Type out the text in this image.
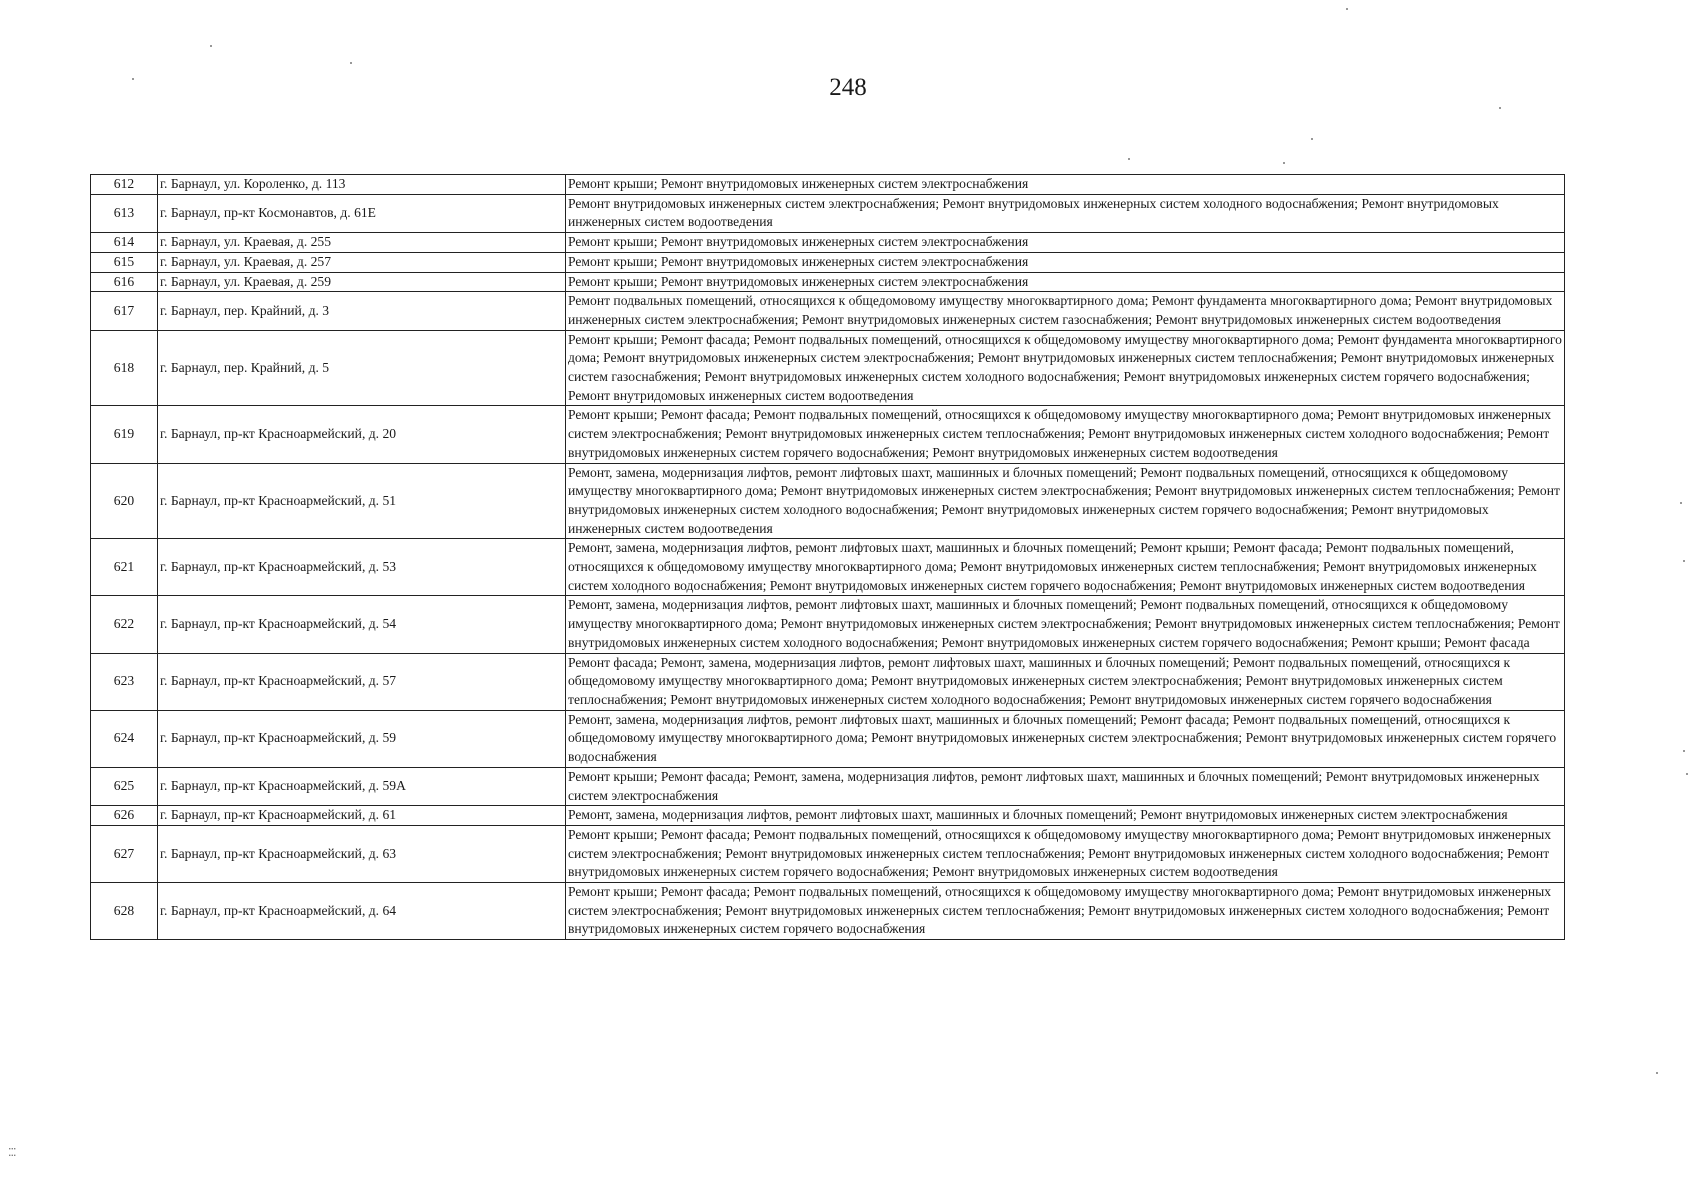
248
612	г. Барнаул, ул. Короленко, д. 113	Ремонт крыши; Ремонт внутридомовых инженерных систем электроснабжения
613	г. Барнаул, пр-кт Космонавтов, д. 61Е	Ремонт внутридомовых инженерных систем электроснабжения; Ремонт внутридомовых инженерных систем холодного водоснабжения; Ремонт внутридомовых инженерных систем водоотведения
614	г. Барнаул, ул. Краевая, д. 255	Ремонт крыши; Ремонт внутридомовых инженерных систем электроснабжения
615	г. Барнаул, ул. Краевая, д. 257	Ремонт крыши; Ремонт внутридомовых инженерных систем электроснабжения
616	г. Барнаул, ул. Краевая, д. 259	Ремонт крыши; Ремонт внутридомовых инженерных систем электроснабжения
617	г. Барнаул, пер. Крайний, д. 3	Ремонт подвальных помещений, относящихся к общедомовому имуществу многоквартирного дома; Ремонт фундамента многоквартирного дома; Ремонт внутридомовых инженерных систем электроснабжения; Ремонт внутридомовых инженерных систем газоснабжения; Ремонт внутридомовых инженерных систем водоотведения
618	г. Барнаул, пер. Крайний, д. 5	Ремонт крыши; Ремонт фасада; Ремонт подвальных помещений, относящихся к общедомовому имуществу многоквартирного дома; Ремонт фундамента многоквартирного дома; Ремонт внутридомовых инженерных систем электроснабжения; Ремонт внутридомовых инженерных систем теплоснабжения; Ремонт внутридомовых инженерных систем газоснабжения; Ремонт внутридомовых инженерных систем холодного водоснабжения; Ремонт внутридомовых инженерных систем горячего водоснабжения; Ремонт внутридомовых инженерных систем водоотведения
619	г. Барнаул, пр-кт Красноармейский, д. 20	Ремонт крыши; Ремонт фасада; Ремонт подвальных помещений, относящихся к общедомовому имуществу многоквартирного дома; Ремонт внутридомовых инженерных систем электроснабжения; Ремонт внутридомовых инженерных систем теплоснабжения; Ремонт внутридомовых инженерных систем холодного водоснабжения; Ремонт внутридомовых инженерных систем горячего водоснабжения; Ремонт внутридомовых инженерных систем водоотведения
620	г. Барнаул, пр-кт Красноармейский, д. 51	Ремонт, замена, модернизация лифтов, ремонт лифтовых шахт, машинных и блочных помещений; Ремонт подвальных помещений, относящихся к общедомовому имуществу многоквартирного дома; Ремонт внутридомовых инженерных систем электроснабжения; Ремонт внутридомовых инженерных систем теплоснабжения; Ремонт внутридомовых инженерных систем холодного водоснабжения; Ремонт внутридомовых инженерных систем горячего водоснабжения; Ремонт внутридомовых инженерных систем водоотведения
621	г. Барнаул, пр-кт Красноармейский, д. 53	Ремонт, замена, модернизация лифтов, ремонт лифтовых шахт, машинных и блочных помещений; Ремонт крыши; Ремонт фасада; Ремонт подвальных помещений, относящихся к общедомовому имуществу многоквартирного дома; Ремонт внутридомовых инженерных систем теплоснабжения; Ремонт внутридомовых инженерных систем холодного водоснабжения; Ремонт внутридомовых инженерных систем горячего водоснабжения; Ремонт внутридомовых инженерных систем водоотведения
622	г. Барнаул, пр-кт Красноармейский, д. 54	Ремонт, замена, модернизация лифтов, ремонт лифтовых шахт, машинных и блочных помещений; Ремонт подвальных помещений, относящихся к общедомовому имуществу многоквартирного дома; Ремонт внутридомовых инженерных систем электроснабжения; Ремонт внутридомовых инженерных систем теплоснабжения; Ремонт внутридомовых инженерных систем холодного водоснабжения; Ремонт внутридомовых инженерных систем горячего водоснабжения; Ремонт крыши; Ремонт фасада
623	г. Барнаул, пр-кт Красноармейский, д. 57	Ремонт фасада; Ремонт, замена, модернизация лифтов, ремонт лифтовых шахт, машинных и блочных помещений; Ремонт подвальных помещений, относящихся к общедомовому имуществу многоквартирного дома; Ремонт внутридомовых инженерных систем электроснабжения; Ремонт внутридомовых инженерных систем теплоснабжения; Ремонт внутридомовых инженерных систем холодного водоснабжения; Ремонт внутридомовых инженерных систем горячего водоснабжения
624	г. Барнаул, пр-кт Красноармейский, д. 59	Ремонт, замена, модернизация лифтов, ремонт лифтовых шахт, машинных и блочных помещений; Ремонт фасада; Ремонт подвальных помещений, относящихся к общедомовому имуществу многоквартирного дома; Ремонт внутридомовых инженерных систем электроснабжения; Ремонт внутридомовых инженерных систем горячего водоснабжения
625	г. Барнаул, пр-кт Красноармейский, д. 59А	Ремонт крыши; Ремонт фасада; Ремонт, замена, модернизация лифтов, ремонт лифтовых шахт, машинных и блочных помещений; Ремонт внутридомовых инженерных систем электроснабжения
626	г. Барнаул, пр-кт Красноармейский, д. 61	Ремонт, замена, модернизация лифтов, ремонт лифтовых шахт, машинных и блочных помещений; Ремонт внутридомовых инженерных систем электроснабжения
627	г. Барнаул, пр-кт Красноармейский, д. 63	Ремонт крыши; Ремонт фасада; Ремонт подвальных помещений, относящихся к общедомовому имуществу многоквартирного дома; Ремонт внутридомовых инженерных систем электроснабжения; Ремонт внутридомовых инженерных систем теплоснабжения; Ремонт внутридомовых инженерных систем холодного водоснабжения; Ремонт внутридомовых инженерных систем горячего водоснабжения; Ремонт внутридомовых инженерных систем водоотведения
628	г. Барнаул, пр-кт Красноармейский, д. 64	Ремонт крыши; Ремонт фасада; Ремонт подвальных помещений, относящихся к общедомовому имуществу многоквартирного дома; Ремонт внутридомовых инженерных систем электроснабжения; Ремонт внутридомовых инженерных систем теплоснабжения; Ремонт внутридомовых инженерных систем холодного водоснабжения; Ремонт внутридомовых инженерных систем горячего водоснабжения
⁚⁚⁚
